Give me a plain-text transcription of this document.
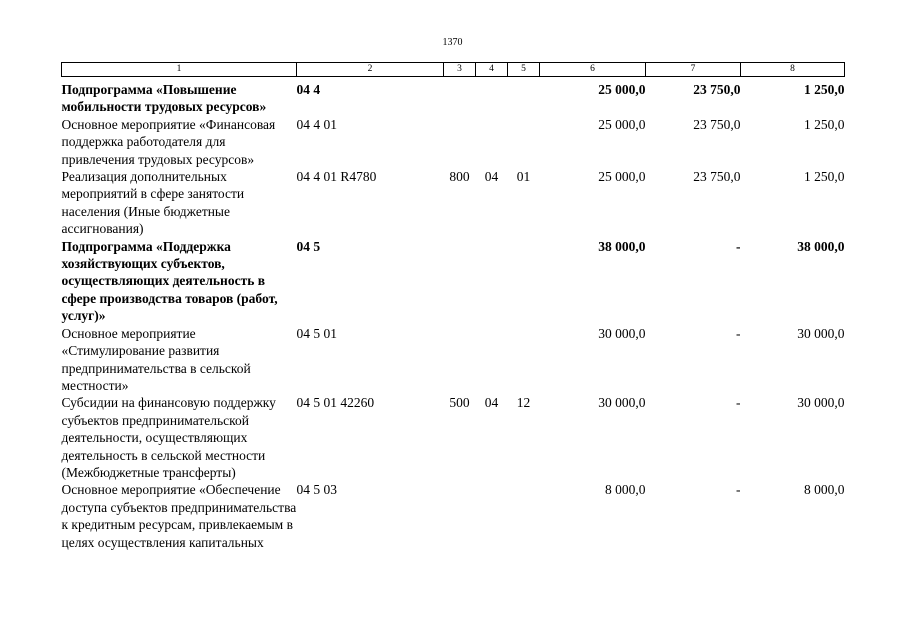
1370
1	2	3	4	5	6	7	8
Подпрограмма «Повышение мобильности трудовых ресурсов»	04 4				25 000,0	23 750,0	1 250,0
Основное мероприятие «Финансовая поддержка работодателя для привлечения трудовых ресурсов»	04 4 01				25 000,0	23 750,0	1 250,0
Реализация дополнительных мероприятий в сфере занятости населения (Иные бюджетные ассигнования)	04 4 01 R4780	800	04	01	25 000,0	23 750,0	1 250,0
Подпрограмма «Поддержка хозяйствующих субъектов, осуществляющих деятельность в сфере производства товаров (работ, услуг)»	04 5				38 000,0	-	38 000,0
Основное мероприятие «Стимулирование развития предпринимательства в сельской местности»	04 5 01				30 000,0	-	30 000,0
Субсидии на финансовую поддержку субъектов предпринимательской деятельности, осуществляющих деятельность в сельской местности (Межбюджетные трансферты)	04 5 01 42260	500	04	12	30 000,0	-	30 000,0
Основное мероприятие «Обеспечение доступа субъектов предпринимательства к кредитным ресурсам, привлекаемым в целях осуществления капитальных	04 5 03				8 000,0	-	8 000,0
